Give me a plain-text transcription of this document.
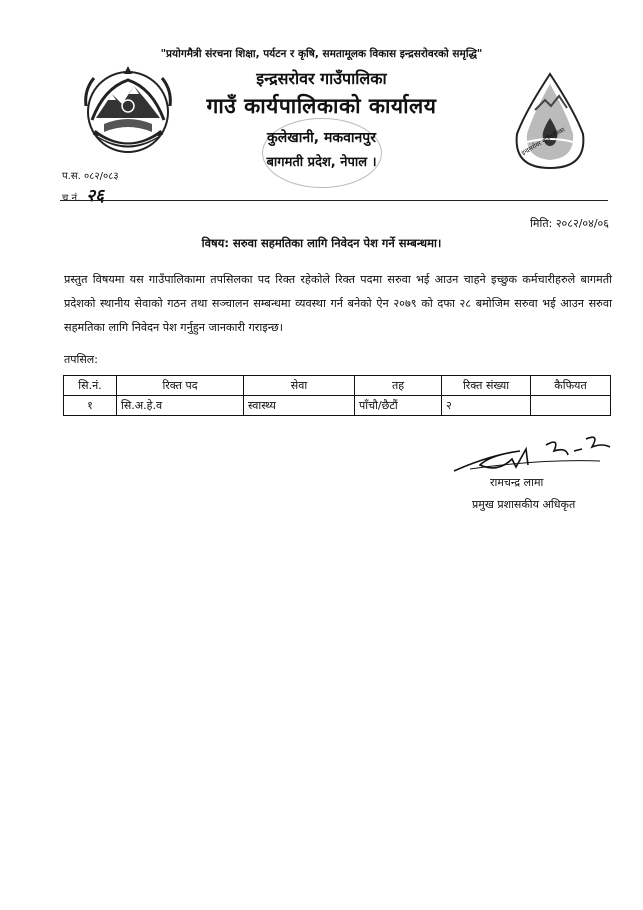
इन्द्रसरोवर गाउँपालिका
"प्रयोगमैत्री संरचना शिक्षा, पर्यटन र कृषि, समतामूलक विकास इन्द्रसरोवरको समृद्धि"
इन्द्रसरोवर गाउँपालिका
गाउँ कार्यपालिकाको कार्यालय
कुलेखानी, मकवानपुर
बागमती प्रदेश, नेपाल ।
प.स. ०८२/०८३
च.नं. २६
मिति: २०८२/०४/०६
विषय: सरुवा सहमतिका लागि निवेदन पेश गर्ने सम्बन्धमा।
प्रस्तुत विषयमा यस गाउँपालिकामा तपसिलका पद रिक्त रहेकोले रिक्त पदमा सरुवा भई आउन चाहने इच्छुक कर्मचारीहरुले बागमती प्रदेशको स्थानीय सेवाको गठन तथा सञ्चालन सम्बन्धमा व्यवस्था गर्न बनेको ऐन २०७९ को दफा २८ बमोजिम सरुवा भई आउन सरुवा सहमतिका लागि निवेदन पेश गर्नुहुन जानकारी गराइन्छ।
तपसिल:
सि.नं.	रिक्त पद	सेवा	तह	रिक्त संख्या	कैफियत
१	सि.अ.हे.व	स्वास्थ्य	पाँचौ/छैटौं	२	
रामचन्द्र लामा
प्रमुख प्रशासकीय अधिकृत
